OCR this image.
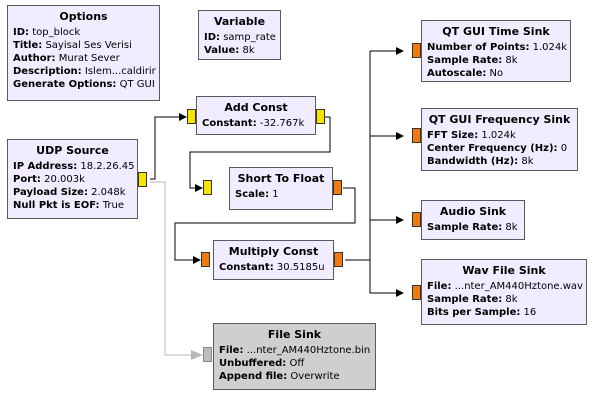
Options
ID: top_block
Title: Sayisal Ses Verisi
Author: Murat Sever
Description: Islem...caldirir
Generate Options: QT GUI
Variable
ID: samp_rate
Value: 8k
UDP Source
IP Address: 18.2.26.45
Port: 20.003k
Payload Size: 2.048k
Null Pkt is EOF: True
Add Const
Constant: -32.767k
Short To Float
Scale: 1
Multiply Const
Constant: 30.5185u
File Sink
File: ...nter_AM440Hztone.bin
Unbuffered: Off
Append file: Overwrite
QT GUI Time Sink
Number of Points: 1.024k
Sample Rate: 8k
Autoscale: No
QT GUI Frequency Sink
FFT Size: 1.024k
Center Frequency (Hz): 0
Bandwidth (Hz): 8k
Audio Sink
Sample Rate: 8k
Wav File Sink
File: ...nter_AM440Hztone.wav
Sample Rate: 8k
Bits per Sample: 16
